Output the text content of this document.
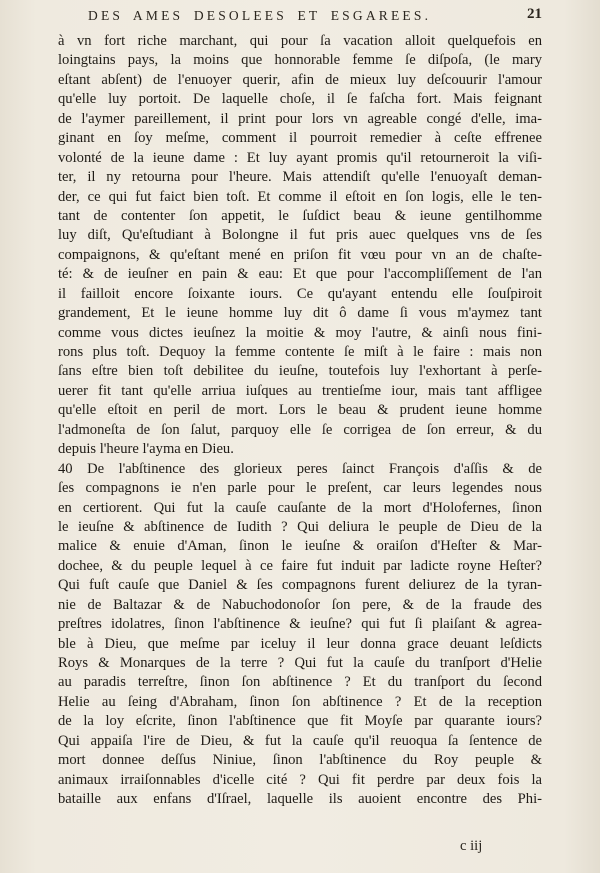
DES AMES DESOLEES ET ESGAREES.	21
à vn fort riche marchant, qui pour ſa vacation alloit quelquefois en
loingtains pays, la moins que honnorable femme ſe diſpoſa, (le mary
eſtant abſent) de l'enuoyer querir, afin de mieux luy deſcouurir l'amour
qu'elle luy portoit. De laquelle choſe, il ſe faſcha fort. Mais feignant
de l'aymer pareillement, il print pour lors vn agreable congé d'elle, ima-
ginant en ſoy meſme, comment il pourroit remedier à ceſte effrenee
volonté de la ieune dame : Et luy ayant promis qu'il retourneroit la viſi-
ter, il ny retourna pour l'heure. Mais attendiſt qu'elle l'enuoyaſt deman-
der, ce qui fut faict bien toſt. Et comme il eſtoit en ſon logis, elle le ten-
tant de contenter ſon appetit, le ſuſdict beau & ieune gentilhomme
luy diſt, Qu'eſtudiant à Bolongne il fut pris auec quelques vns de ſes
compaignons, & qu'eſtant mené en priſon fit vœu pour vn an de chaſte-
té: & de ieuſner en pain & eau: Et que pour l'accompliſſement de l'an
il failloit encore ſoixante iours. Ce qu'ayant entendu elle ſouſpiroit
grandement, Et le ieune homme luy dit ô dame ſi vous m'aymez tant
comme vous dictes ieuſnez la moitie & moy l'autre, & ainſi nous fini-
rons plus toſt. Dequoy la femme contente ſe miſt à le faire : mais non
ſans eſtre bien toſt debilitee du ieuſne, toutefois luy l'exhortant à perſe-
uerer fit tant qu'elle arriua iuſques au trentieſme iour, mais tant affligee
qu'elle eſtoit en peril de mort. Lors le beau & prudent ieune homme
l'admoneſta de ſon ſalut, parquoy elle ſe corrigea de ſon erreur, & du
depuis l'heure l'ayma en Dieu.
40 De l'abſtinence des glorieux peres ſainct François d'aſſis & de
ſes compagnons ie n'en parle pour le preſent, car leurs legendes nous
en certiorent. Qui fut la cauſe cauſante de la mort d'Holofernes, ſinon
le ieuſne & abſtinence de Iudith ? Qui deliura le peuple de Dieu de la
malice & enuie d'Aman, ſinon le ieuſne & oraiſon d'Heſter & Mar-
dochee, & du peuple lequel à ce faire fut induit par ladicte royne Heſter?
Qui fuſt cauſe que Daniel & ſes compagnons furent deliurez de la tyran-
nie de Baltazar & de Nabuchodonoſor ſon pere, & de la fraude des
preſtres idolatres, ſinon l'abſtinence & ieuſne? qui fut ſi plaiſant & agrea-
ble à Dieu, que meſme par iceluy il leur donna grace deuant leſdicts
Roys & Monarques de la terre ? Qui fut la cauſe du tranſport d'Helie
au paradis terreſtre, ſinon ſon abſtinence ? Et du tranſport du ſecond
Helie au ſeing d'Abraham, ſinon ſon abſtinence ? Et de la reception
de la loy eſcrite, ſinon l'abſtinence que fit Moyſe par quarante iours?
Qui appaiſa l'ire de Dieu, & fut la cauſe qu'il reuoqua ſa ſentence de
mort donnee deſſus Niniue, ſinon l'abſtinence du Roy peuple &
animaux irraiſonnables d'icelle cité ? Qui fit perdre par deux fois la
bataille aux enfans d'Iſrael, laquelle ils auoient encontre des Phi-
c iij
